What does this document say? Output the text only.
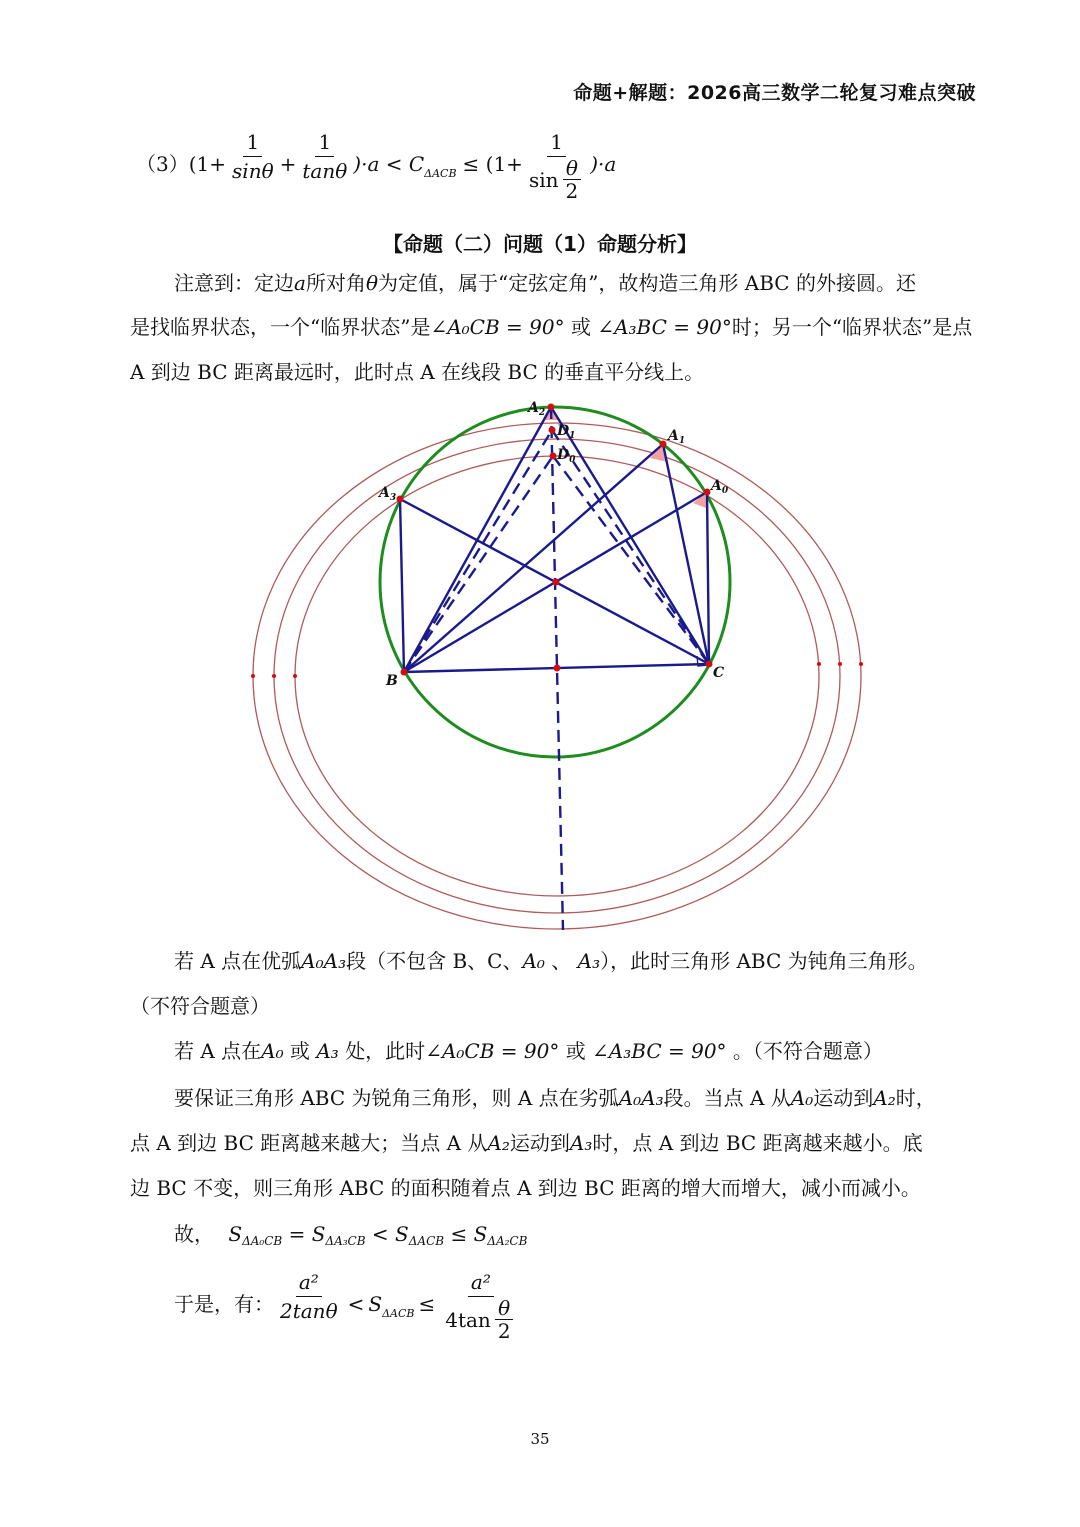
命题+解题：2026高三数学二轮复习难点突破
（3） $(1+ \frac{1}{\sin\theta} + \frac{1}{\tan\theta} )\cdot a < C_{\Delta ACB} \le (1+ \frac{1}{\sin \frac{\theta}{2}} )\cdot a$
【命题（二）问题（1）命题分析】
注意到：定边a所对角θ为定值，属于“定弦定角”，故构造三角形 ABC 的外接圆。还
是找临界状态，一个“临界状态”是∠A₀CB = 90° 或 ∠A₃BC = 90°时；另一个“临界状态”是点
A 到边 BC 距离最远时，此时点 A 在线段 BC 的垂直平分线上。
$A_2$
$D_1$
$D_0$
$A_1$
$A_0$
$A_3$
B	C
若 A 点在优弧A₀A₃段（不包含 B、C、A₀ 、 A₃），此时三角形 ABC 为钝角三角形。
（不符合题意）
若 A 点在A₀ 或 A₃ 处，此时∠A₀CB = 90° 或 ∠A₃BC = 90° 。（不符合题意）
要保证三角形 ABC 为锐角三角形，则 A 点在劣弧A₀A₃段。当点 A 从A₀运动到A₂时，
点 A 到边 BC 距离越来越大；当点 A 从A₂运动到A₃时，点 A 到边 BC 距离越来越小。底
边 BC 不变，则三角形 ABC 的面积随着点 A 到边 BC 距离的增大而增大，减小而减小。
故， $S_{\Delta A_0CB} = S_{\Delta A_3CB} < S_{\Delta ACB} \le S_{\Delta A_2CB}$
于是，有： $\frac{\text{a²}}{2\tan\theta} < S_{\Delta ACB} \le \frac{\text{a²}}{4\tan \frac{\theta}{2}}$
35
